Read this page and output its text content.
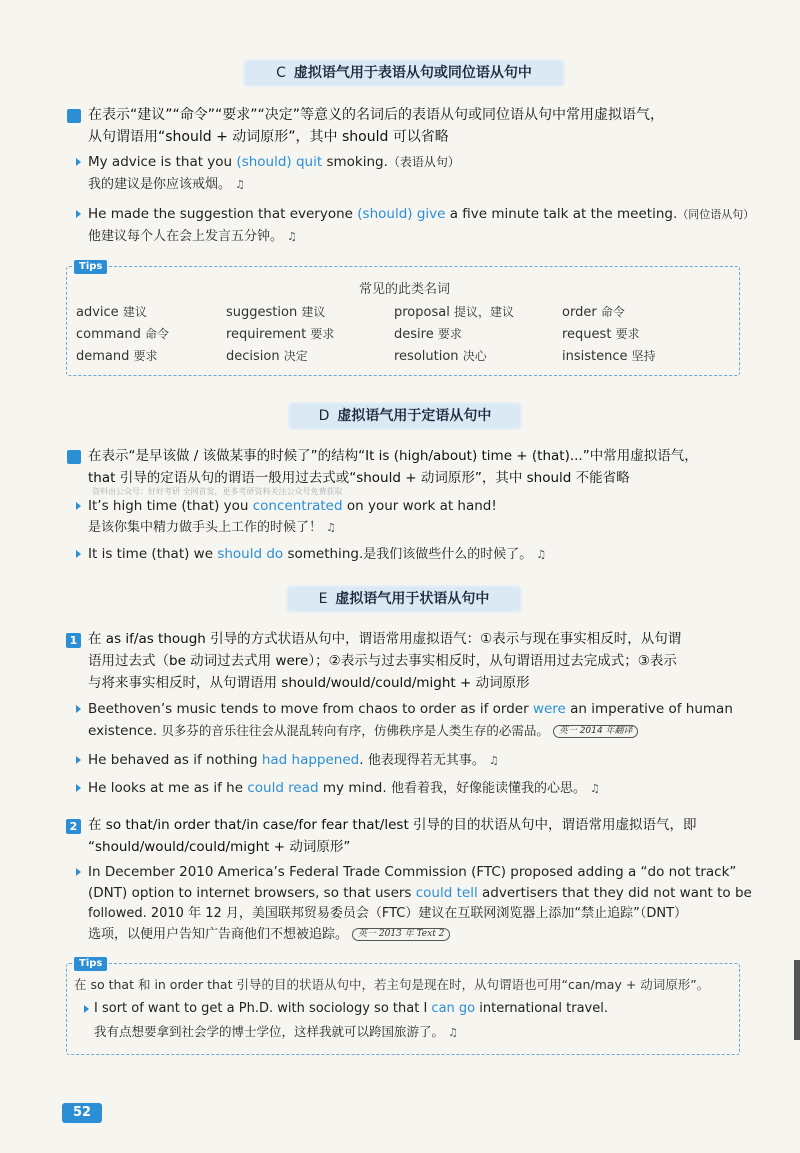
C 虚拟语气用于表语从句或同位语从句中
在表示“建议”“命令”“要求”“决定”等意义的名词后的表语从句或同位语从句中常用虚拟语气，
从句谓语用“should + 动词原形”，其中 should 可以省略
My advice is that you (should) quit smoking.（表语从句）
我的建议是你应该戒烟。 ♫
He made the suggestion that everyone (should) give a five minute talk at the meeting.（同位语从句）
他建议每个人在会上发言五分钟。 ♫
Tips
常见的此类名词
advice 建议	suggestion 建议	proposal 提议，建议	order 命令
command 命令	requirement 要求	desire 要求	request 要求
demand 要求	decision 决定	resolution 决心	insistence 坚持
D 虚拟语气用于定语从句中
在表示“是早该做 / 该做某事的时候了”的结构“It is (high/about) time + (that)...”中常用虚拟语气，
that 引导的定语从句的谓语一般用过去式或“should + 动词原形”，其中 should 不能省略
资料由公众号：好好考研 全网首发，更多考研资料关注公众号免费获取
It’s high time (that) you concentrated on your work at hand!
是该你集中精力做手头上工作的时候了！ ♫
It is time (that) we should do something.是我们该做些什么的时候了。 ♫
E 虚拟语气用于状语从句中
1 在 as if/as though 引导的方式状语从句中，谓语常用虚拟语气：①表示与现在事实相反时，从句谓
语用过去式（be 动词过去式用 were）；②表示与过去事实相反时，从句谓语用过去完成式；③表示
与将来事实相反时，从句谓语用 should/would/could/might + 动词原形
Beethoven’s music tends to move from chaos to order as if order were an imperative of human
existence. 贝多芬的音乐往往会从混乱转向有序，仿佛秩序是人类生存的必需品。 英一 2014 年翻译
He behaved as if nothing had happened. 他表现得若无其事。 ♫
He looks at me as if he could read my mind. 他看着我，好像能读懂我的心思。 ♫
2 在 so that/in order that/in case/for fear that/lest 引导的目的状语从句中，谓语常用虚拟语气，即
“should/would/could/might + 动词原形”
In December 2010 America’s Federal Trade Commission (FTC) proposed adding a “do not track”
(DNT) option to internet browsers, so that users could tell advertisers that they did not want to be
followed. 2010 年 12 月，美国联邦贸易委员会（FTC）建议在互联网浏览器上添加“禁止追踪”（DNT）
选项，以便用户告知广告商他们不想被追踪。 英一 2013 年 Text 2
Tips
在 so that 和 in order that 引导的目的状语从句中，若主句是现在时，从句谓语也可用“can/may + 动词原形”。
I sort of want to get a Ph.D. with sociology so that I can go international travel.
我有点想要拿到社会学的博士学位，这样我就可以跨国旅游了。 ♫
52
